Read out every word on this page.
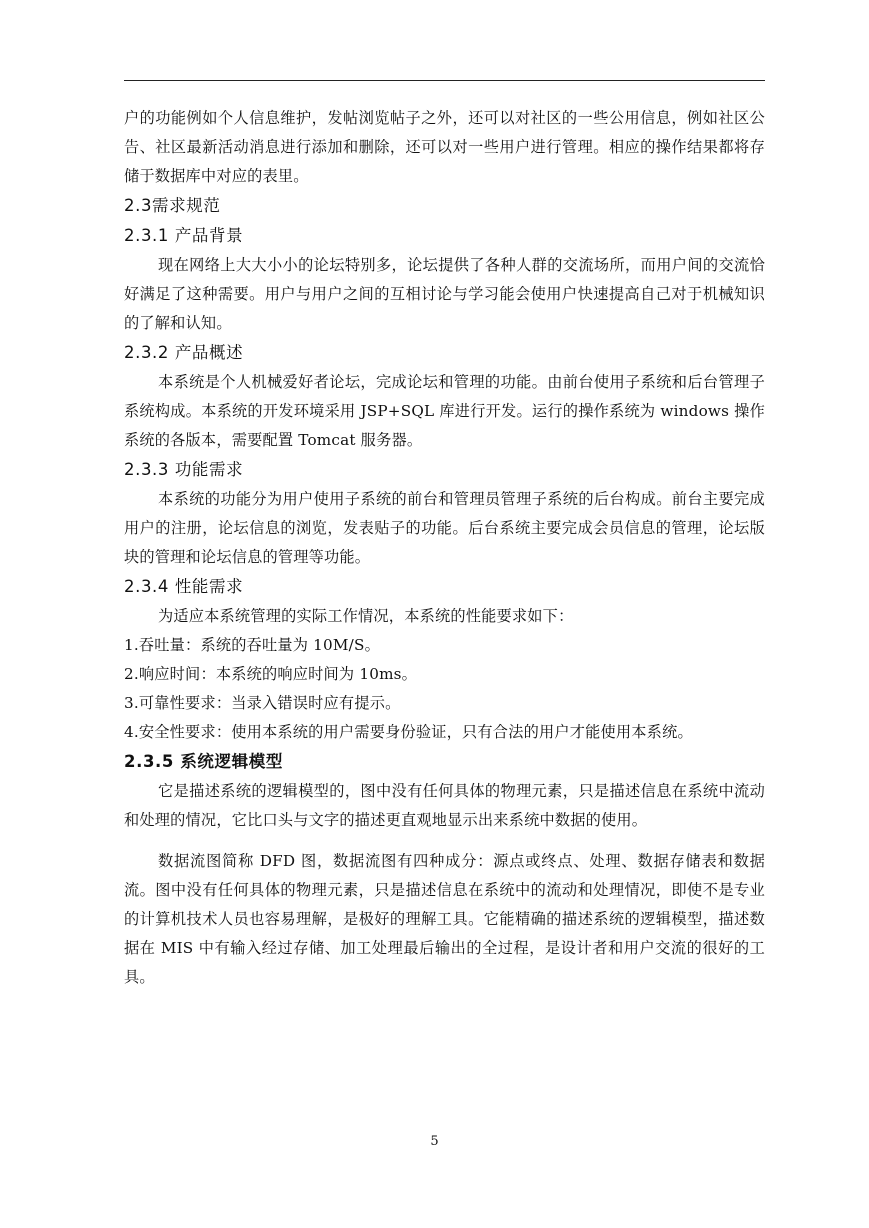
户的功能例如个人信息维护，发帖浏览帖子之外，还可以对社区的一些公用信息，例如社区公告、社区最新活动消息进行添加和删除，还可以对一些用户进行管理。相应的操作结果都将存储于数据库中对应的表里。

2.3需求规范
2.3.1 产品背景

现在网络上大大小小的论坛特别多，论坛提供了各种人群的交流场所，而用户间的交流恰好满足了这种需要。用户与用户之间的互相讨论与学习能会使用户快速提高自己对于机械知识的了解和认知。

2.3.2 产品概述

本系统是个人机械爱好者论坛，完成论坛和管理的功能。由前台使用子系统和后台管理子系统构成。本系统的开发环境采用 JSP+SQL 库进行开发。运行的操作系统为 windows 操作系统的各版本，需要配置 Tomcat 服务器。

2.3.3 功能需求

本系统的功能分为用户使用子系统的前台和管理员管理子系统的后台构成。前台主要完成用户的注册，论坛信息的浏览，发表贴子的功能。后台系统主要完成会员信息的管理，论坛版块的管理和论坛信息的管理等功能。

2.3.4 性能需求

为适应本系统管理的实际工作情况，本系统的性能要求如下：

1.吞吐量：系统的吞吐量为 10M/S。

2.响应时间：本系统的响应时间为 10ms。

3.可靠性要求：当录入错误时应有提示。

4.安全性要求：使用本系统的用户需要身份验证，只有合法的用户才能使用本系统。

2.3.5 系统逻辑模型

它是描述系统的逻辑模型的，图中没有任何具体的物理元素，只是描述信息在系统中流动和处理的情况，它比口头与文字的描述更直观地显示出来系统中数据的使用。

数据流图简称 DFD 图，数据流图有四种成分：源点或终点、处理、数据存储表和数据流。图中没有任何具体的物理元素，只是描述信息在系统中的流动和处理情况，即使不是专业的计算机技术人员也容易理解，是极好的理解工具。它能精确的描述系统的逻辑模型，描述数据在 MIS 中有输入经过存储、加工处理最后输出的全过程，是设计者和用户交流的很好的工具。

5
